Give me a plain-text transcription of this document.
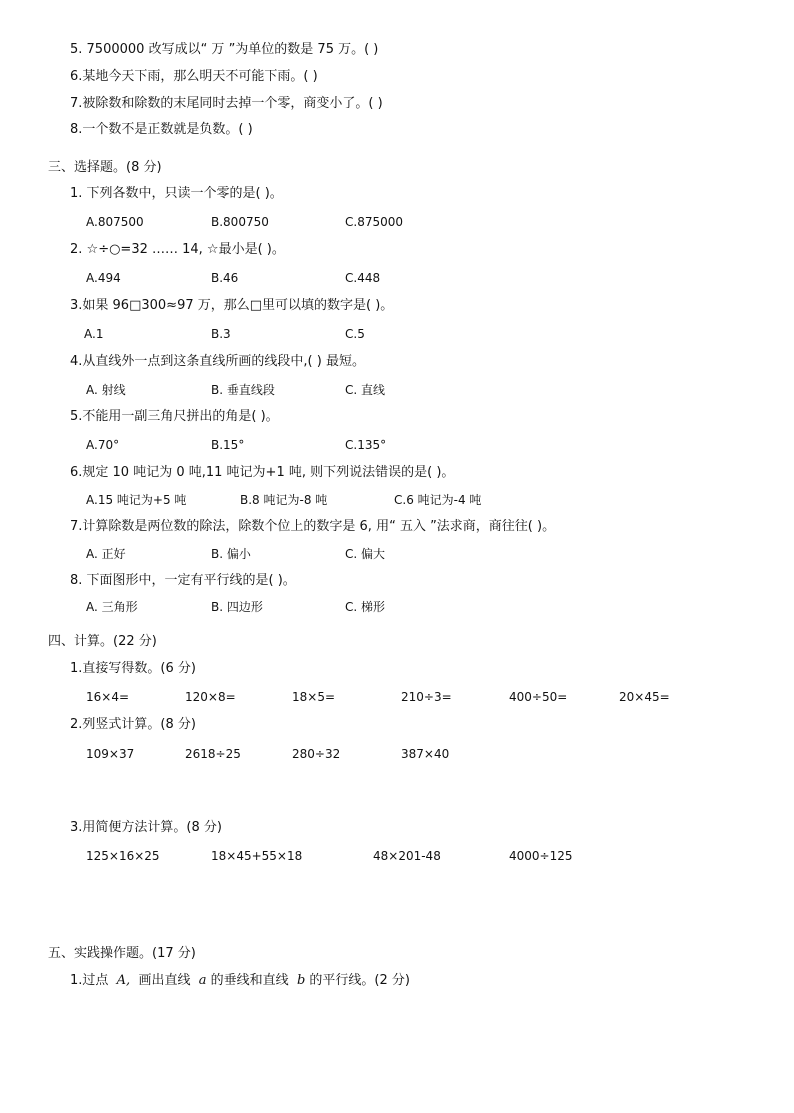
5. 7500000 改写成以“ 万 ”为单位的数是 75 万。( )
6.某地今天下雨，那么明天不可能下雨。( )
7.被除数和除数的末尾同时去掉一个零，商变小了。( )
8.一个数不是正数就是负数。( )
三、选择题。(8 分)
1. 下列各数中，只读一个零的是( )。
A.807500	B.800750	C.875000
2. ☆÷○=32 …… 14, ☆最小是( )。
A.494	B.46	C.448
3.如果 96□300≈97 万，那么□里可以填的数字是( )。
A.1	B.3	C.5
4.从直线外一点到这条直线所画的线段中,( ) 最短。
A. 射线	B. 垂直线段	C. 直线
5.不能用一副三角尺拼出的角是( )。
A.70°	B.15°	C.135°
6.规定 10 吨记为 0 吨,11 吨记为+1 吨, 则下列说法错误的是( )。
A.15 吨记为+5 吨	B.8 吨记为-8 吨	C.6 吨记为-4 吨
7.计算除数是两位数的除法，除数个位上的数字是 6, 用“ 五入 ”法求商，商往往( )。
A. 正好	B. 偏小	C. 偏大
8. 下面图形中，一定有平行线的是( )。
A. 三角形	B. 四边形	C. 梯形
四、计算。(22 分)
1.直接写得数。(6 分)
16×4=	120×8=	18×5=	210÷3=	400÷50=	20×45=
2.列竖式计算。(8 分)
109×37	2618÷25	280÷32	387×40
3.用简便方法计算。(8 分)
125×16×25	18×45+55×18	48×201-48	4000÷125
五、实践操作题。(17 分)
1.过点 A, 画出直线 a 的垂线和直线 b 的平行线。(2 分)
